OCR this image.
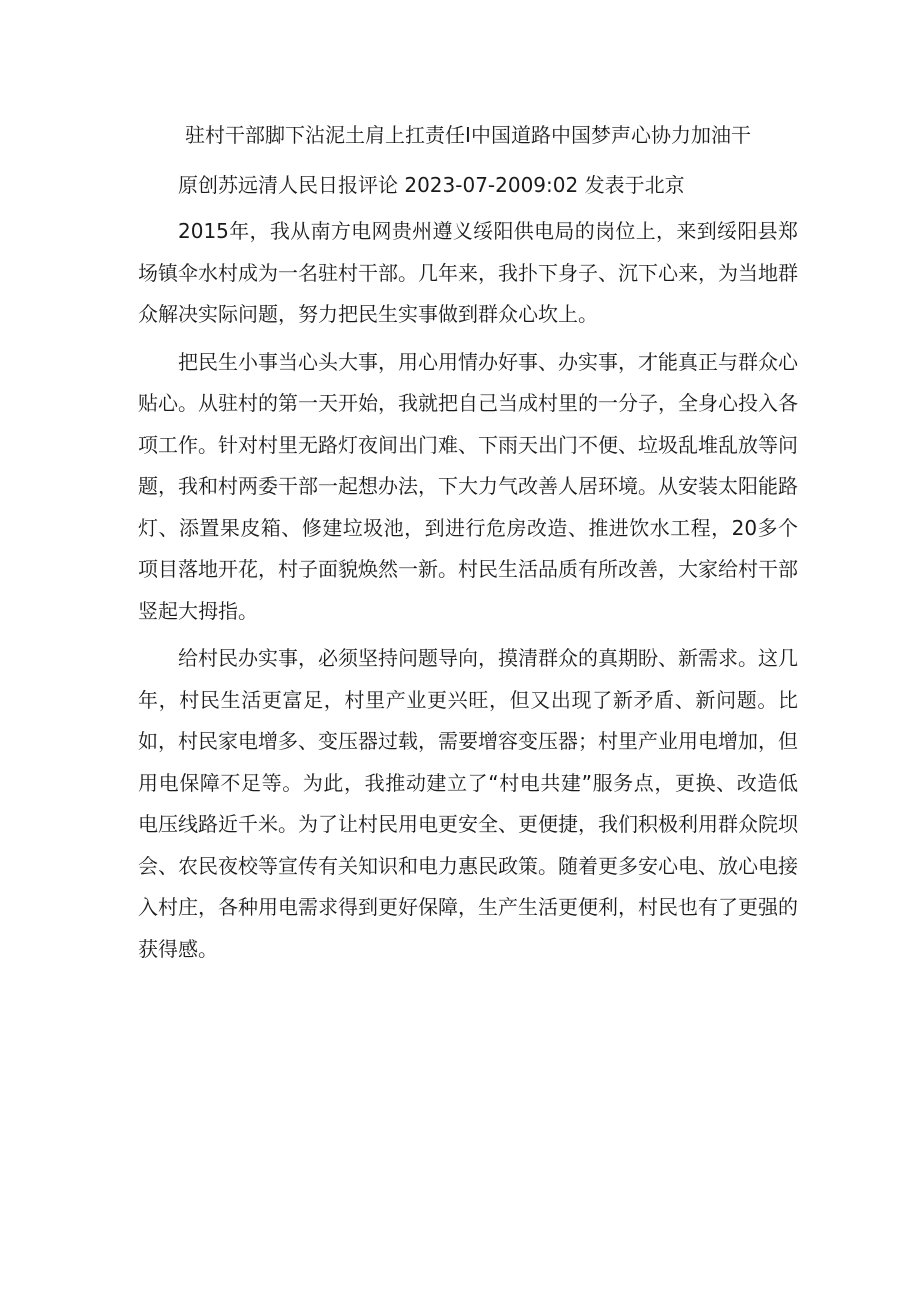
驻村干部脚下沾泥土肩上扛责任I中国道路中国梦声心协力加油干

原创苏远清人民日报评论 2023-07-2009:02 发表于北京

2015年，我从南方电网贵州遵义绥阳供电局的岗位上，来到绥阳县郑场镇伞水村成为一名驻村干部。几年来，我扑下身子、沉下心来，为当地群众解决实际问题，努力把民生实事做到群众心坎上。

把民生小事当心头大事，用心用情办好事、办实事，才能真正与群众心贴心。从驻村的第一天开始，我就把自己当成村里的一分子，全身心投入各项工作。针对村里无路灯夜间出门难、下雨天出门不便、垃圾乱堆乱放等问题，我和村两委干部一起想办法，下大力气改善人居环境。从安装太阳能路灯、添置果皮箱、修建垃圾池，到进行危房改造、推进饮水工程，20多个项目落地开花，村子面貌焕然一新。村民生活品质有所改善，大家给村干部竖起大拇指。

给村民办实事，必须坚持问题导向，摸清群众的真期盼、新需求。这几年，村民生活更富足，村里产业更兴旺，但又出现了新矛盾、新问题。比如，村民家电增多、变压器过载，需要增容变压器；村里产业用电增加，但用电保障不足等。为此，我推动建立了“村电共建”服务点，更换、改造低电压线路近千米。为了让村民用电更安全、更便捷，我们积极利用群众院坝会、农民夜校等宣传有关知识和电力惠民政策。随着更多安心电、放心电接入村庄，各种用电需求得到更好保障，生产生活更便利，村民也有了更强的获得感。
